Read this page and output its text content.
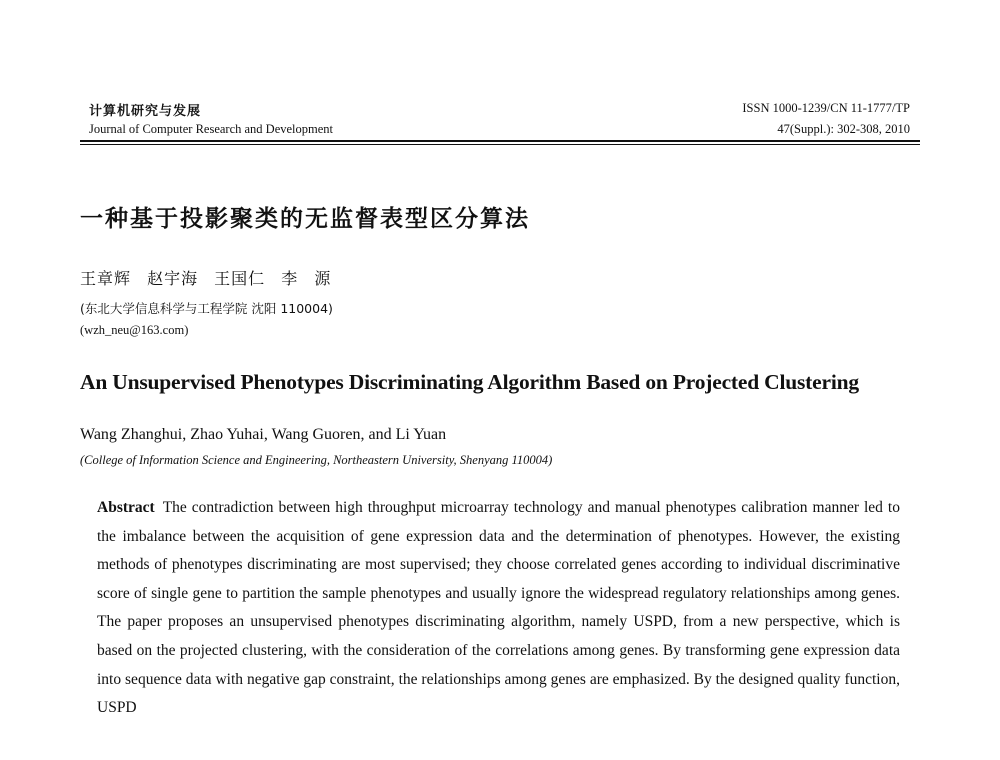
计算机研究与发展
Journal of Computer Research and Development
ISSN 1000-1239/CN 11-1777/TP
47(Suppl.): 302-308, 2010
一种基于投影聚类的无监督表型区分算法
王章辉 赵宇海 王国仁 李 源
(东北大学信息科学与工程学院 沈阳 110004)
(wzh_neu@163.com)
An Unsupervised Phenotypes Discriminating Algorithm Based on Projected Clustering
Wang Zhanghui, Zhao Yuhai, Wang Guoren, and Li Yuan
(College of Information Science and Engineering, Northeastern University, Shenyang 110004)
Abstract The contradiction between high throughput microarray technology and manual phenotypes calibration manner led to the imbalance between the acquisition of gene expression data and the determination of phenotypes. However, the existing methods of phenotypes discriminating are most supervised; they choose correlated genes according to individual discriminative score of single gene to partition the sample phenotypes and usually ignore the widespread regulatory relationships among genes. The paper proposes an unsupervised phenotypes discriminating algorithm, namely USPD, from a new perspective, which is based on the projected clustering, with the consideration of the correlations among genes. By transforming gene expression data into sequence data with negative gap constraint, the relationships among genes are emphasized. By the designed quality function, USPD
